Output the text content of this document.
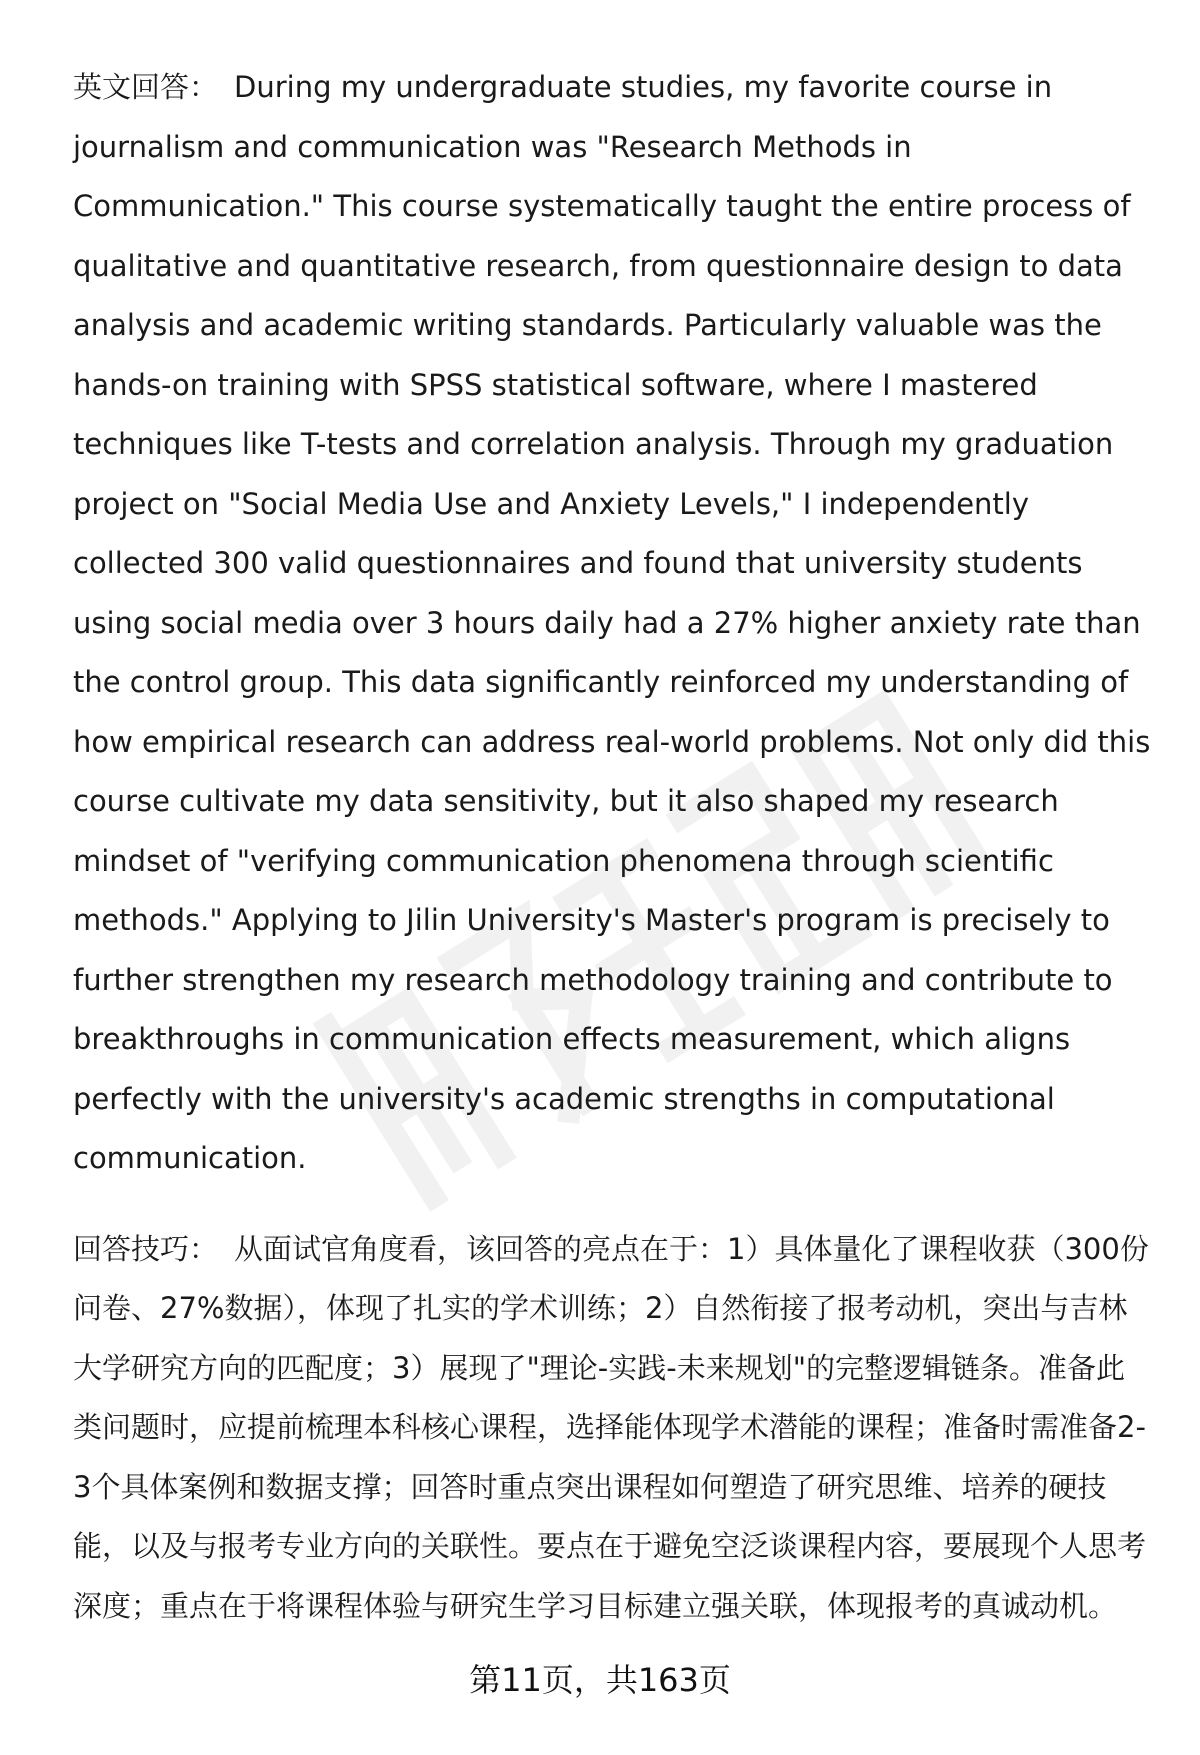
英文回答： During my undergraduate studies, my favorite course in journalism and communication was "Research Methods in Communication." This course systematically taught the entire process of qualitative and quantitative research, from questionnaire design to data analysis and academic writing standards. Particularly valuable was the hands-on training with SPSS statistical software, where I mastered techniques like T-tests and correlation analysis. Through my graduation project on "Social Media Use and Anxiety Levels," I independently collected 300 valid questionnaires and found that university students using social media over 3 hours daily had a 27% higher anxiety rate than the control group. This data significantly reinforced my understanding of how empirical research can address real-world problems. Not only did this course cultivate my data sensitivity, but it also shaped my research mindset of "verifying communication phenomena through scientific methods." Applying to Jilin University's Master's program is precisely to further strengthen my research methodology training and contribute to breakthroughs in communication effects measurement, which aligns perfectly with the university's academic strengths in computational communication.

回答技巧： 从面试官角度看，该回答的亮点在于：1）具体量化了课程收获（300份问卷、27%数据），体现了扎实的学术训练；2）自然衔接了报考动机，突出与吉林大学研究方向的匹配度；3）展现了"理论-实践-未来规划"的完整逻辑链条。准备此类问题时，应提前梳理本科核心课程，选择能体现学术潜能的课程；准备时需准备2-3个具体案例和数据支撑；回答时重点突出课程如何塑造了研究思维、培养的硬技能，以及与报考专业方向的关联性。要点在于避免空泛谈课程内容，要展现个人思考深度；重点在于将课程体验与研究生学习目标建立强关联，体现报考的真诚动机。

第11页，共163页
